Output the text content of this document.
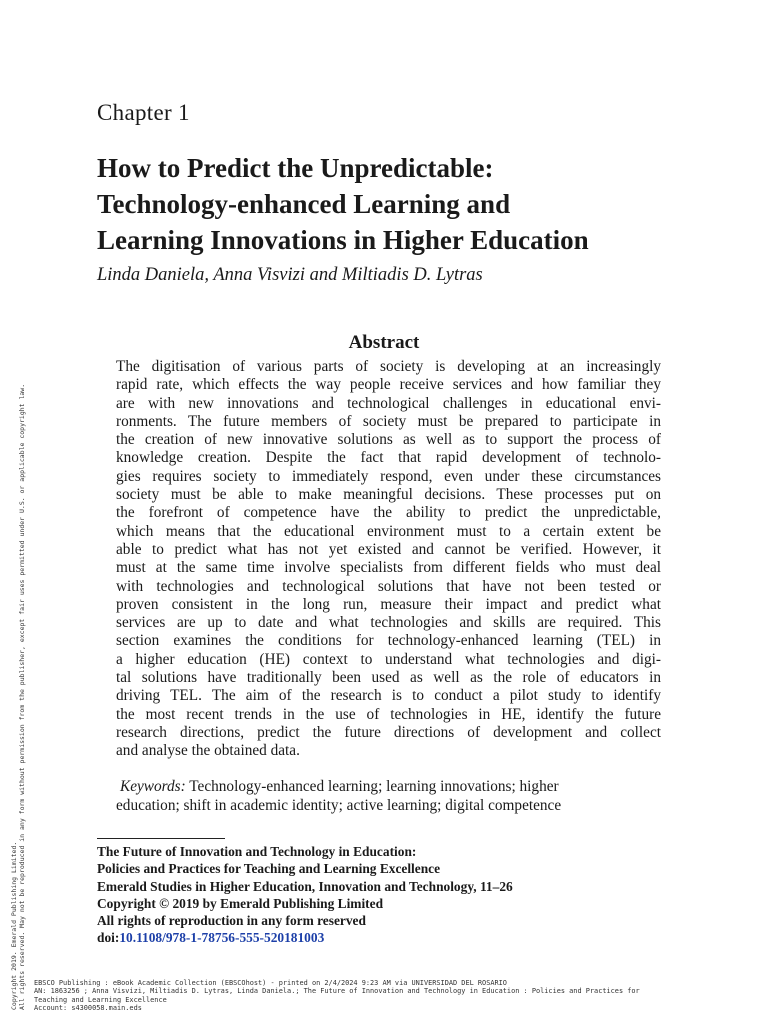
Chapter 1
How to Predict the Unpredictable:
Technology-enhanced Learning and
Learning Innovations in Higher Education
Linda Daniela, Anna Visvizi and Miltiadis D. Lytras
Abstract
The digitisation of various parts of society is developing at an increasingly
rapid rate, which effects the way people receive services and how familiar they
are with new innovations and technological challenges in educational envi-
ronments. The future members of society must be prepared to participate in
the creation of new innovative solutions as well as to support the process of
knowledge creation. Despite the fact that rapid development of technolo-
gies requires society to immediately respond, even under these circumstances
society must be able to make meaningful decisions. These processes put on
the forefront of competence have the ability to predict the unpredictable,
which means that the educational environment must to a certain extent be
able to predict what has not yet existed and cannot be verified. However, it
must at the same time involve specialists from different fields who must deal
with technologies and technological solutions that have not been tested or
proven consistent in the long run, measure their impact and predict what
services are up to date and what technologies and skills are required. This
section examines the conditions for technology-enhanced learning (TEL) in
a higher education (HE) context to understand what technologies and digi-
tal solutions have traditionally been used as well as the role of educators in
driving TEL. The aim of the research is to conduct a pilot study to identify
the most recent trends in the use of technologies in HE, identify the future
research directions, predict the future directions of development and collect
and analyse the obtained data.
Keywords: Technology-enhanced learning; learning innovations; higher
education; shift in academic identity; active learning; digital competence
The Future of Innovation and Technology in Education:
Policies and Practices for Teaching and Learning Excellence
Emerald Studies in Higher Education, Innovation and Technology, 11–26
Copyright © 2019 by Emerald Publishing Limited
All rights of reproduction in any form reserved
doi:10.1108/978-1-78756-555-520181003
EBSCO Publishing : eBook Academic Collection (EBSCOhost) - printed on 2/4/2024 9:23 AM via UNIVERSIDAD DEL ROSARIO
AN: 1863256 ; Anna Visvizi, Miltiadis D. Lytras, Linda Daniela.; The Future of Innovation and Technology in Education : Policies and Practices for
Teaching and Learning Excellence
Account: s4300058.main.eds
Copyright 2019. Emerald Publishing Limited. All rights reserved. May not be reproduced in any form without permission from the publisher, except fair uses permitted under U.S. or applicable copyright law.
